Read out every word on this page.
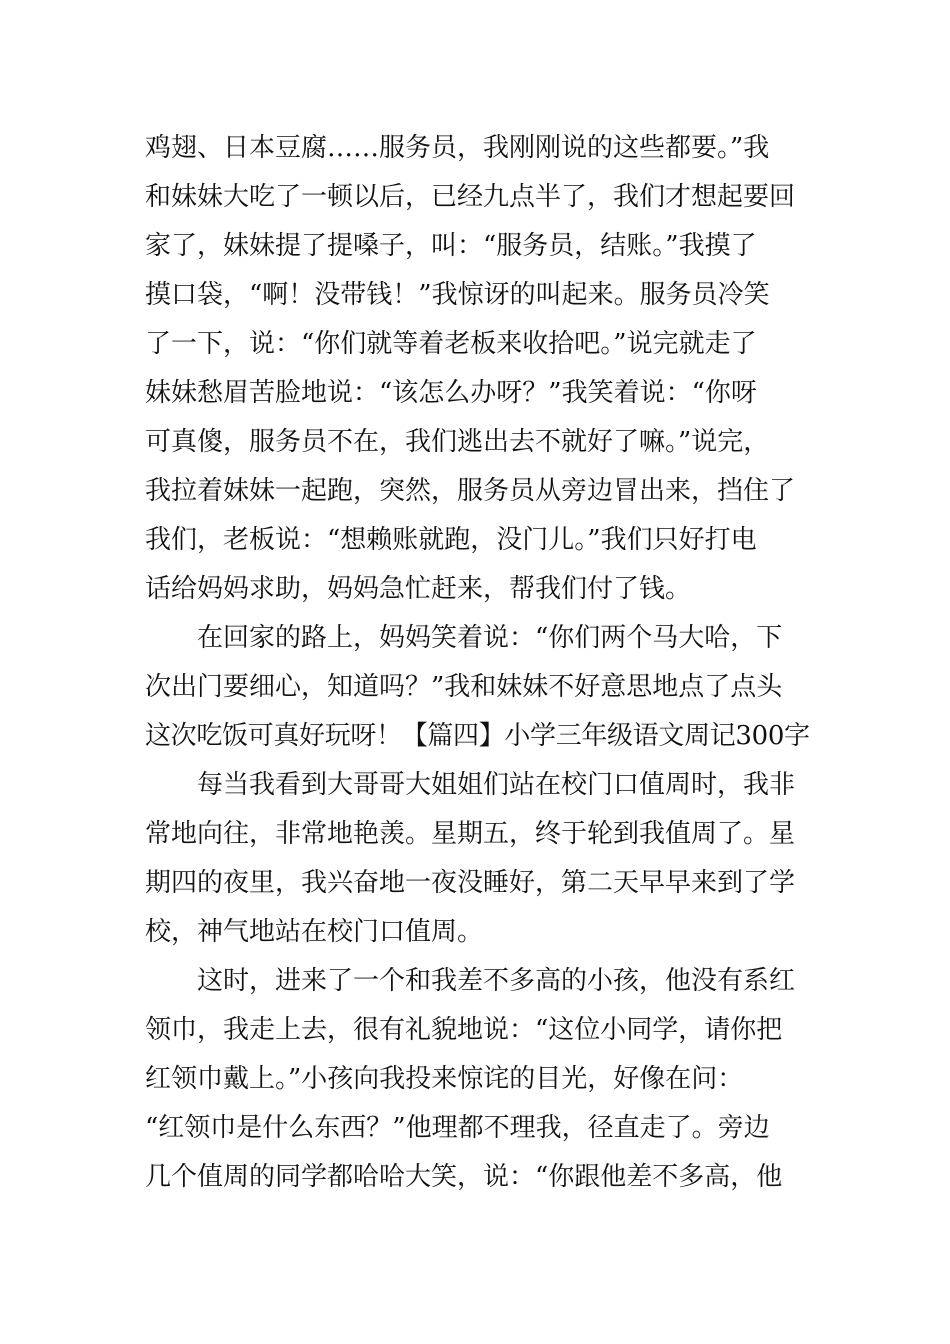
鸡翅、日本豆腐……服务员，我刚刚说的这些都要。”我
和妹妹大吃了一顿以后，已经九点半了，我们才想起要回
家了，妹妹提了提嗓子，叫：“服务员，结账。”我摸了
摸口袋，“啊！没带钱！”我惊讶的叫起来。服务员冷笑
了一下，说：“你们就等着老板来收拾吧。”说完就走了
妹妹愁眉苦脸地说：“该怎么办呀？”我笑着说：“你呀
可真傻，服务员不在，我们逃出去不就好了嘛。”说完，
我拉着妹妹一起跑，突然，服务员从旁边冒出来，挡住了
我们，老板说：“想赖账就跑，没门儿。”我们只好打电
话给妈妈求助，妈妈急忙赶来，帮我们付了钱。
在回家的路上，妈妈笑着说：“你们两个马大哈，下
次出门要细心，知道吗？”我和妹妹不好意思地点了点头
这次吃饭可真好玩呀！【篇四】小学三年级语文周记300字
每当我看到大哥哥大姐姐们站在校门口值周时，我非
常地向往，非常地艳羡。星期五，终于轮到我值周了。星
期四的夜里，我兴奋地一夜没睡好，第二天早早来到了学
校，神气地站在校门口值周。
这时，进来了一个和我差不多高的小孩，他没有系红
领巾，我走上去，很有礼貌地说：“这位小同学，请你把
红领巾戴上。”小孩向我投来惊诧的目光，好像在问：
“红领巾是什么东西？”他理都不理我，径直走了。旁边
几个值周的同学都哈哈大笑，说：“你跟他差不多高，他
